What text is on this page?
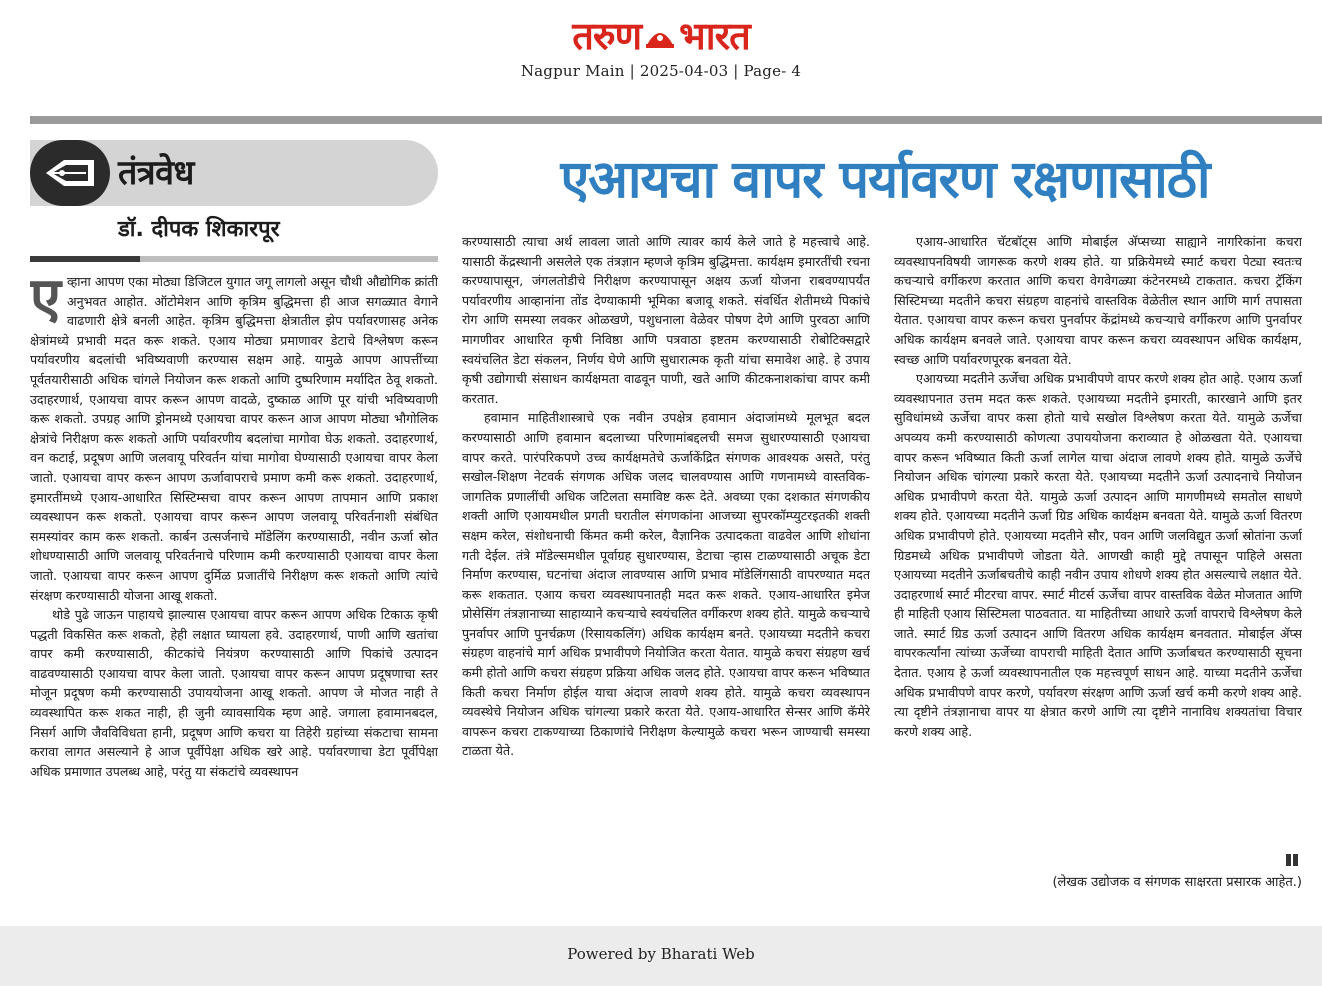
तरुण भारत
Nagpur Main | 2025-04-03 | Page- 4
तंत्रवेध
डॉ. दीपक शिकारपूर
एआयचा वापर पर्यावरण रक्षणासाठी
ए व्हाना आपण एका मोठ्या डिजिटल युगात जगू लागलो असून चौथी औद्योगिक क्रांती अनुभवत आहोत. ऑटोमेशन आणि कृत्रिम बुद्धिमत्ता ही आज सगळ्यात वेगाने वाढणारी क्षेत्रे बनली आहेत. कृत्रिम बुद्धिमत्ता क्षेत्रातील झेप पर्यावरणासह अनेक क्षेत्रांमध्ये प्रभावी मदत करू शकते. एआय मोठ्या प्रमाणावर डेटाचे विश्लेषण करून पर्यावरणीय बदलांची भविष्यवाणी करण्यास सक्षम आहे. यामुळे आपण आपत्तींच्या पूर्वतयारीसाठी अधिक चांगले नियोजन करू शकतो आणि दुष्परिणाम मर्यादित ठेवू शकतो. उदाहरणार्थ, एआयचा वापर करून आपण वादळे, दुष्काळ आणि पूर यांची भविष्यवाणी करू शकतो. उपग्रह आणि ड्रोनमध्ये एआयचा वापर करून आज आपण मोठ्या भौगोलिक क्षेत्रांचे निरीक्षण करू शकतो आणि पर्यावरणीय बदलांचा मागोवा घेऊ शकतो. उदाहरणार्थ, वन कटाई, प्रदूषण आणि जलवायू परिवर्तन यांचा मागोवा घेण्यासाठी एआयचा वापर केला जातो. एआयचा वापर करून आपण ऊर्जावापराचे प्रमाण कमी करू शकतो. उदाहरणार्थ, इमारतींमध्ये एआय-आधारित सिस्टिम्सचा वापर करून आपण तापमान आणि प्रकाश व्यवस्थापन करू शकतो. एआयचा वापर करून आपण जलवायू परिवर्तनाशी संबंधित समस्यांवर काम करू शकतो. कार्बन उत्सर्जनाचे मॉडेलिंग करण्यासाठी, नवीन ऊर्जा स्रोत शोधण्यासाठी आणि जलवायू परिवर्तनाचे परिणाम कमी करण्यासाठी एआयचा वापर केला जातो. एआयचा वापर करून आपण दुर्मिळ प्रजातींचे निरीक्षण करू शकतो आणि त्यांचे संरक्षण करण्यासाठी योजना आखू शकतो.

थोडे पुढे जाऊन पाहायचे झाल्यास एआयचा वापर करून आपण अधिक टिकाऊ कृषी पद्धती विकसित करू शकतो, हेही लक्षात घ्यायला हवे. उदाहरणार्थ, पाणी आणि खतांचा वापर कमी करण्यासाठी, कीटकांचे नियंत्रण करण्यासाठी आणि पिकांचे उत्पादन वाढवण्यासाठी एआयचा वापर केला जातो. एआयचा वापर करून आपण प्रदूषणाचा स्तर मोजून प्रदूषण कमी करण्यासाठी उपाययोजना आखू शकतो. आपण जे मोजत नाही ते व्यवस्थापित करू शकत नाही, ही जुनी व्यावसायिक म्हण आहे. जगाला हवामानबदल, निसर्ग आणि जैवविविधता हानी, प्रदूषण आणि कचरा या तिहेरी ग्रहांच्या संकटाचा सामना करावा लागत असल्याने हे आज पूर्वीपेक्षा अधिक खरे आहे. पर्यावरणाचा डेटा पूर्वीपेक्षा अधिक प्रमाणात उपलब्ध आहे, परंतु या संकटांचे व्यवस्थापन

करण्यासाठी त्याचा अर्थ लावला जातो आणि त्यावर कार्य केले जाते हे महत्त्वाचे आहे. यासाठी केंद्रस्थानी असलेले एक तंत्रज्ञान म्हणजे कृत्रिम बुद्धिमत्ता. कार्यक्षम इमारतींची रचना करण्यापासून, जंगलतोडीचे निरीक्षण करण्यापासून अक्षय ऊर्जा योजना राबवण्यापर्यंत पर्यावरणीय आव्हानांना तोंड देण्याकामी भूमिका बजावू शकते. संवर्धित शेतीमध्ये पिकांचे रोग आणि समस्या लवकर ओळखणे, पशुधनाला वेळेवर पोषण देणे आणि पुरवठा आणि मागणीवर आधारित कृषी निविष्ठा आणि पत्रवाठा इष्टतम करण्यासाठी रोबोटिक्सद्वारे स्वयंचलित डेटा संकलन, निर्णय घेणे आणि सुधारात्मक कृती यांचा समावेश आहे. हे उपाय कृषी उद्योगाची संसाधन कार्यक्षमता वाढवून पाणी, खते आणि कीटकनाशकांचा वापर कमी करतात.

हवामान माहितीशास्त्राचे एक नवीन उपक्षेत्र हवामान अंदाजांमध्ये मूलभूत बदल करण्यासाठी आणि हवामान बदलाच्या परिणामांबद्दलची समज सुधारण्यासाठी एआयचा वापर करते. पारंपरिकपणे उच्च कार्यक्षमतेचे ऊर्जाकेंद्रित संगणक आवश्यक असते, परंतु सखोल-शिक्षण नेटवर्क संगणक अधिक जलद चालवण्यास आणि गणनामध्ये वास्तविक-जागतिक प्रणालींची अधिक जटिलता समाविष्ट करू देते. अवघ्या एका दशकात संगणकीय शक्ती आणि एआयमधील प्रगती घरातील संगणकांना आजच्या सुपरकॉम्प्युटरइतकी शक्ती सक्षम करेल, संशोधनाची किंमत कमी करेल, वैज्ञानिक उत्पादकता वाढवेल आणि शोधांना गती देईल. तंत्रे मॉडेल्समधील पूर्वाग्रह सुधारण्यास, डेटाचा ऱ्हास टाळण्यासाठी अचूक डेटा निर्माण करण्यास, घटनांचा अंदाज लावण्यास आणि प्रभाव मॉडेलिंगसाठी वापरण्यात मदत करू शकतात. एआय कचरा व्यवस्थापनातही मदत करू शकते. एआय-आधारित इमेज प्रोसेसिंग तंत्रज्ञानाच्या साहाय्याने कचऱ्याचे स्वयंचलित वर्गीकरण शक्य होते. यामुळे कचऱ्याचे पुनर्वापर आणि पुनर्चक्रण (रिसायकलिंग) अधिक कार्यक्षम बनते. एआयच्या मदतीने कचरा संग्रहण वाहनांचे मार्ग अधिक प्रभावीपणे नियोजित करता येतात. यामुळे कचरा संग्रहण खर्च कमी होतो आणि कचरा संग्रहण प्रक्रिया अधिक जलद होते. एआयचा वापर करून भविष्यात किती कचरा निर्माण होईल याचा अंदाज लावणे शक्य होते. यामुळे कचरा व्यवस्थापन व्यवस्थेचे नियोजन अधिक चांगल्या प्रकारे करता येते. एआय-आधारित सेन्सर आणि कॅमेरे वापरून कचरा टाकण्याच्या ठिकाणांचे निरीक्षण केल्यामुळे कचरा भरून जाण्याची समस्या टाळता येते.

एआय-आधारित चॅटबॉट्स आणि मोबाईल ॲप्सच्या साह्याने नागरिकांना कचरा व्यवस्थापनविषयी जागरूक करणे शक्य होते. या प्रक्रियेमध्ये स्मार्ट कचरा पेट्या स्वतःच कचऱ्याचे वर्गीकरण करतात आणि कचरा वेगवेगळ्या कंटेनरमध्ये टाकतात. कचरा ट्रॅकिंग सिस्टिमच्या मदतीने कचरा संग्रहण वाहनांचे वास्तविक वेळेतील स्थान आणि मार्ग तपासता येतात. एआयचा वापर करून कचरा पुनर्वापर केंद्रांमध्ये कचऱ्याचे वर्गीकरण आणि पुनर्वापर अधिक कार्यक्षम बनवले जाते. एआयचा वापर करून कचरा व्यवस्थापन अधिक कार्यक्षम, स्वच्छ आणि पर्यावरणपूरक बनवता येते.

एआयच्या मदतीने ऊर्जेचा अधिक प्रभावीपणे वापर करणे शक्य होत आहे. एआय ऊर्जा व्यवस्थापनात उत्तम मदत करू शकते. एआयच्या मदतीने इमारती, कारखाने आणि इतर सुविधांमध्ये ऊर्जेचा वापर कसा होतो याचे सखोल विश्लेषण करता येते. यामुळे ऊर्जेचा अपव्यय कमी करण्यासाठी कोणत्या उपाययोजना कराव्यात हे ओळखता येते. एआयचा वापर करून भविष्यात किती ऊर्जा लागेल याचा अंदाज लावणे शक्य होते. यामुळे ऊर्जेचे नियोजन अधिक चांगल्या प्रकारे करता येते. एआयच्या मदतीने ऊर्जा उत्पादनाचे नियोजन अधिक प्रभावीपणे करता येते. यामुळे ऊर्जा उत्पादन आणि मागणीमध्ये समतोल साधणे शक्य होते. एआयच्या मदतीने ऊर्जा ग्रिड अधिक कार्यक्षम बनवता येते. यामुळे ऊर्जा वितरण अधिक प्रभावीपणे होते. एआयच्या मदतीने सौर, पवन आणि जलविद्युत ऊर्जा स्रोतांना ऊर्जा ग्रिडमध्ये अधिक प्रभावीपणे जोडता येते. आणखी काही मुद्दे तपासून पाहिले असता एआयच्या मदतीने ऊर्जाबचतीचे काही नवीन उपाय शोधणे शक्य होत असल्याचे लक्षात येते. उदाहरणार्थ स्मार्ट मीटरचा वापर. स्मार्ट मीटर्स ऊर्जेचा वापर वास्तविक वेळेत मोजतात आणि ही माहिती एआय सिस्टिमला पाठवतात. या माहितीच्या आधारे ऊर्जा वापराचे विश्लेषण केले जाते. स्मार्ट ग्रिड ऊर्जा उत्पादन आणि वितरण अधिक कार्यक्षम बनवतात. मोबाईल ॲप्स वापरकर्त्यांना त्यांच्या ऊर्जेच्या वापराची माहिती देतात आणि ऊर्जाबचत करण्यासाठी सूचना देतात. एआय हे ऊर्जा व्यवस्थापनातील एक महत्त्वपूर्ण साधन आहे. याच्या मदतीने ऊर्जेचा अधिक प्रभावीपणे वापर करणे, पर्यावरण संरक्षण आणि ऊर्जा खर्च कमी करणे शक्य आहे. त्या दृष्टीने तंत्रज्ञानाचा वापर या क्षेत्रात करणे आणि त्या दृष्टीने नानाविध शक्यतांचा विचार करणे शक्य आहे.

(लेखक उद्योजक व संगणक साक्षरता प्रसारक आहेत.)
Powered by Bharati Web
